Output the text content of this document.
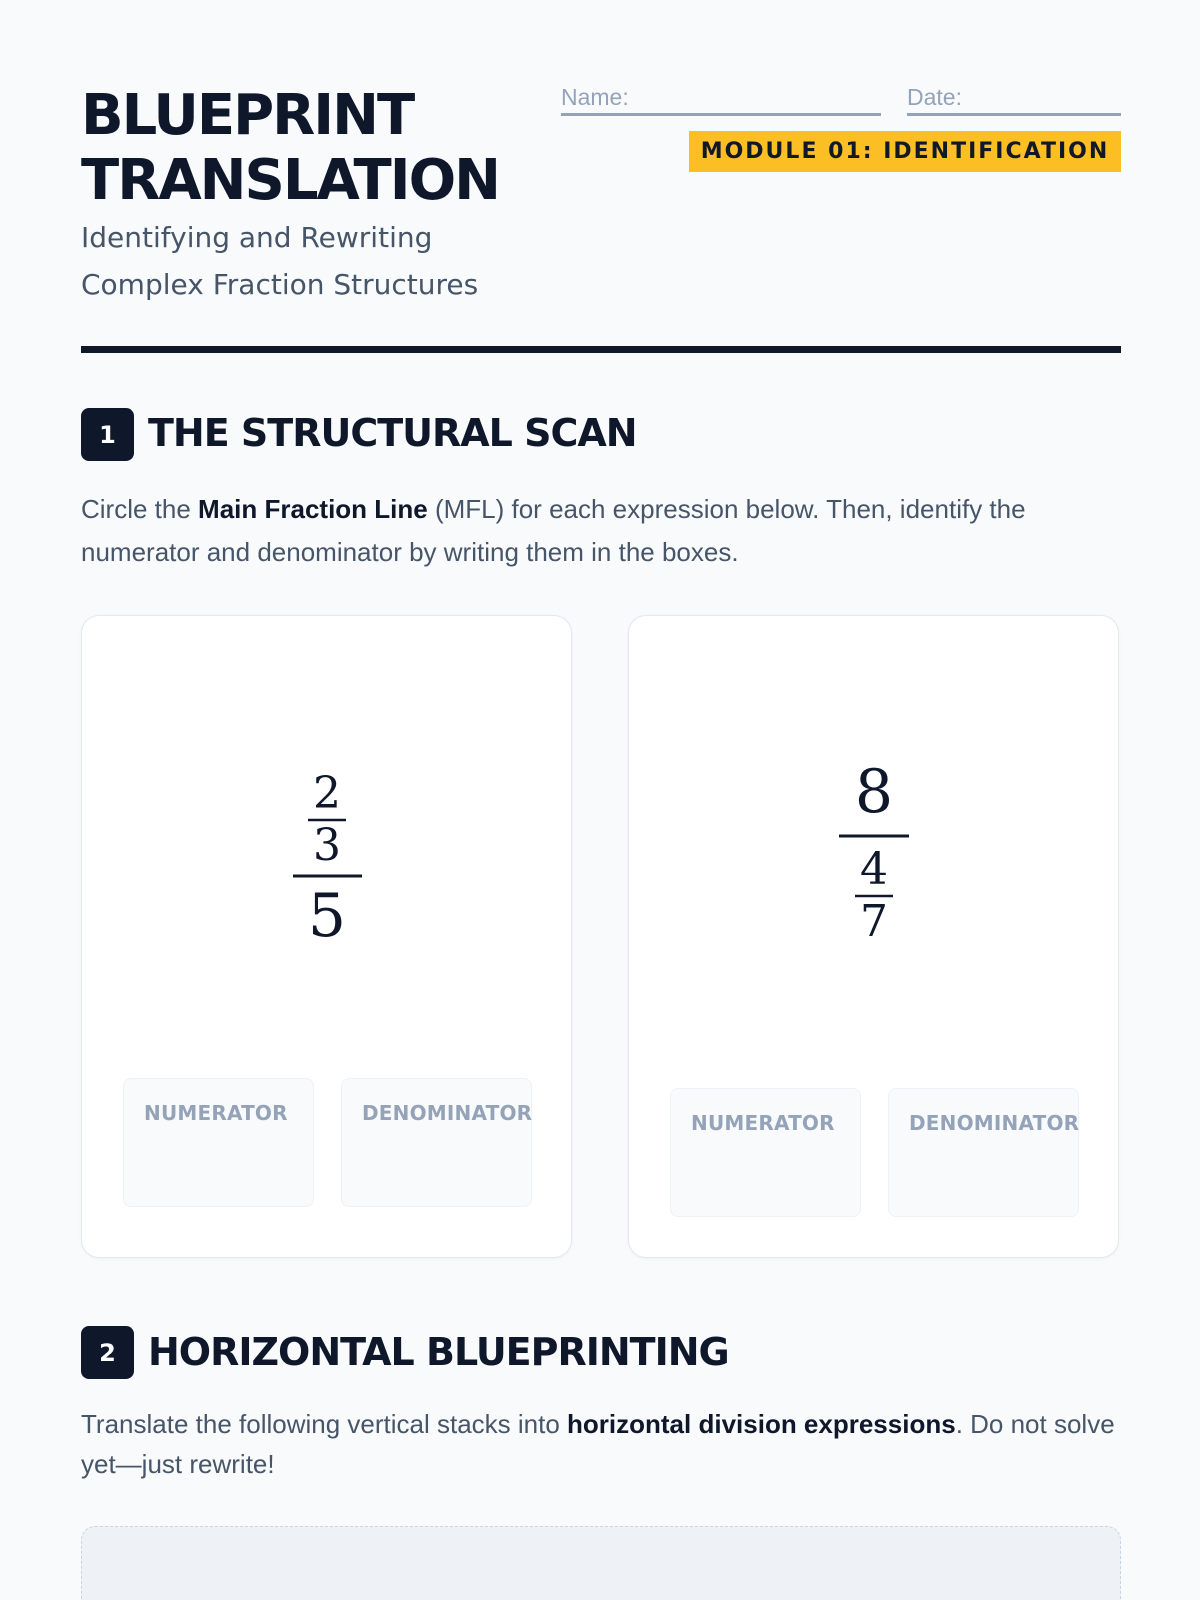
BLUEPRINT
TRANSLATION
Identifying and Rewriting Complex Fraction Structures
Name:	Date:
MODULE 01: IDENTIFICATION
1 THE STRUCTURAL SCAN

Circle the Main Fraction Line (MFL) for each expression below. Then, identify the numerator and denominator by writing them in the boxes.

2
3
5
NUMERATOR	DENOMINATOR
8
4
7
NUMERATOR	DENOMINATOR
2 HORIZONTAL BLUEPRINTING

Translate the following vertical stacks into horizontal division expressions. Do not solve yet—just rewrite!
